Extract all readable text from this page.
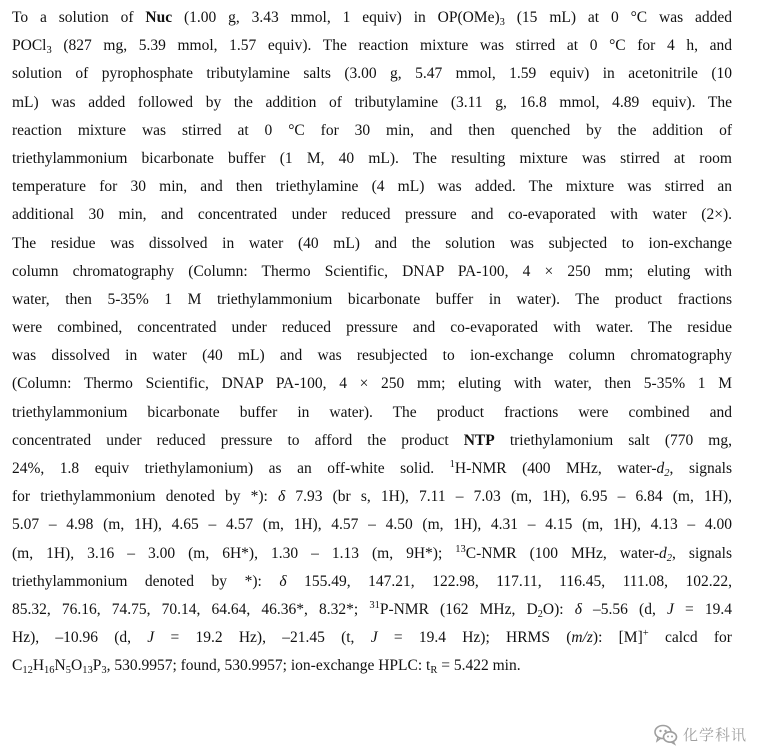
To a solution of Nuc (1.00 g, 3.43 mmol, 1 equiv) in $OP(OMe)_3$ (15 mL) at 0 °C was added
POCl$_3$ (827 mg, 5.39 mmol, 1.57 equiv). The reaction mixture was stirred at 0 °C for 4 h, and
solution of pyrophosphate tributylamine salts (3.00 g, 5.47 mmol, 1.59 equiv) in acetonitrile (10
mL) was added followed by the addition of tributylamine (3.11 g, 16.8 mmol, 4.89 equiv). The
reaction mixture was stirred at 0 °C for 30 min, and then quenched by the addition of
triethylammonium bicarbonate buffer (1 M, 40 mL). The resulting mixture was stirred at room
temperature for 30 min, and then triethylamine (4 mL) was added. The mixture was stirred an
additional 30 min, and concentrated under reduced pressure and co-evaporated with water (2×).
The residue was dissolved in water (40 mL) and the solution was subjected to ion-exchange
column chromatography (Column: Thermo Scientific, DNAP PA-100, 4 × 250 mm; eluting with
water, then 5-35% 1 M triethylammonium bicarbonate buffer in water). The product fractions
were combined, concentrated under reduced pressure and co-evaporated with water. The residue
was dissolved in water (40 mL) and was resubjected to ion-exchange column chromatography
(Column: Thermo Scientific, DNAP PA-100, 4 × 250 mm; eluting with water, then 5-35% 1 M
triethylammonium bicarbonate buffer in water). The product fractions were combined and
concentrated under reduced pressure to afford the product NTP triethylamonium salt (770 mg,
24%, 1.8 equiv triethylamonium) as an off-white solid. $^1$H-NMR (400 MHz, water-$d_2$, signals
for triethylammonium denoted by *): δ 7.93 (br s, 1H), 7.11 – 7.03 (m, 1H), 6.95 – 6.84 (m, 1H),
5.07 – 4.98 (m, 1H), 4.65 – 4.57 (m, 1H), 4.57 – 4.50 (m, 1H), 4.31 – 4.15 (m, 1H), 4.13 – 4.00
(m, 1H), 3.16 – 3.00 (m, 6H*), 1.30 – 1.13 (m, 9H*); $^{13}$C-NMR (100 MHz, water-$d_2$, signals
triethylammonium denoted by *): δ 155.49, 147.21, 122.98, 117.11, 116.45, 111.08, 102.22,
85.32, 76.16, 74.75, 70.14, 64.64, 46.36*, 8.32*; $^{31}$P-NMR (162 MHz, $D_2O$): δ –5.56 (d, J = 19.4
Hz), –10.96 (d, J = 19.2 Hz), –21.45 (t, J = 19.4 Hz); HRMS (m/z): [M]+ calcd for
$C_{12}H_{16}N_5O_{13}P_3$, 530.9957; found, 530.9957; ion-exchange HPLC: $t_R = 5.422$ min.
化学科讯
